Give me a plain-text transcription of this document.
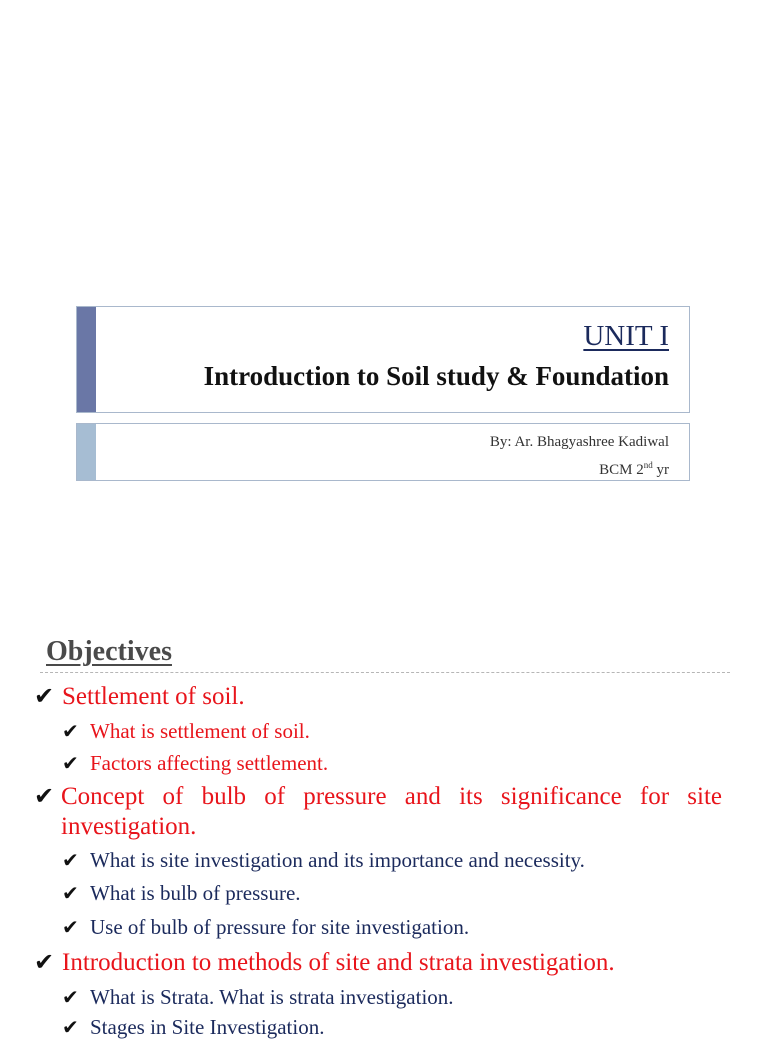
UNIT I
Introduction to Soil study & Foundation
By: Ar. Bhagyashree Kadiwal
BCM 2nd yr
Objectives
✔ Settlement of soil.
✔ What is settlement of soil.
✔ Factors affecting settlement.
✔ Concept of bulb of pressure and its significance for site
investigation.
✔ What is site investigation and its importance and necessity.
✔ What is bulb of pressure.
✔ Use of bulb of pressure for site investigation.
✔ Introduction to methods of site and strata investigation.
✔ What is Strata. What is strata investigation.
✔ Stages in Site Investigation.
